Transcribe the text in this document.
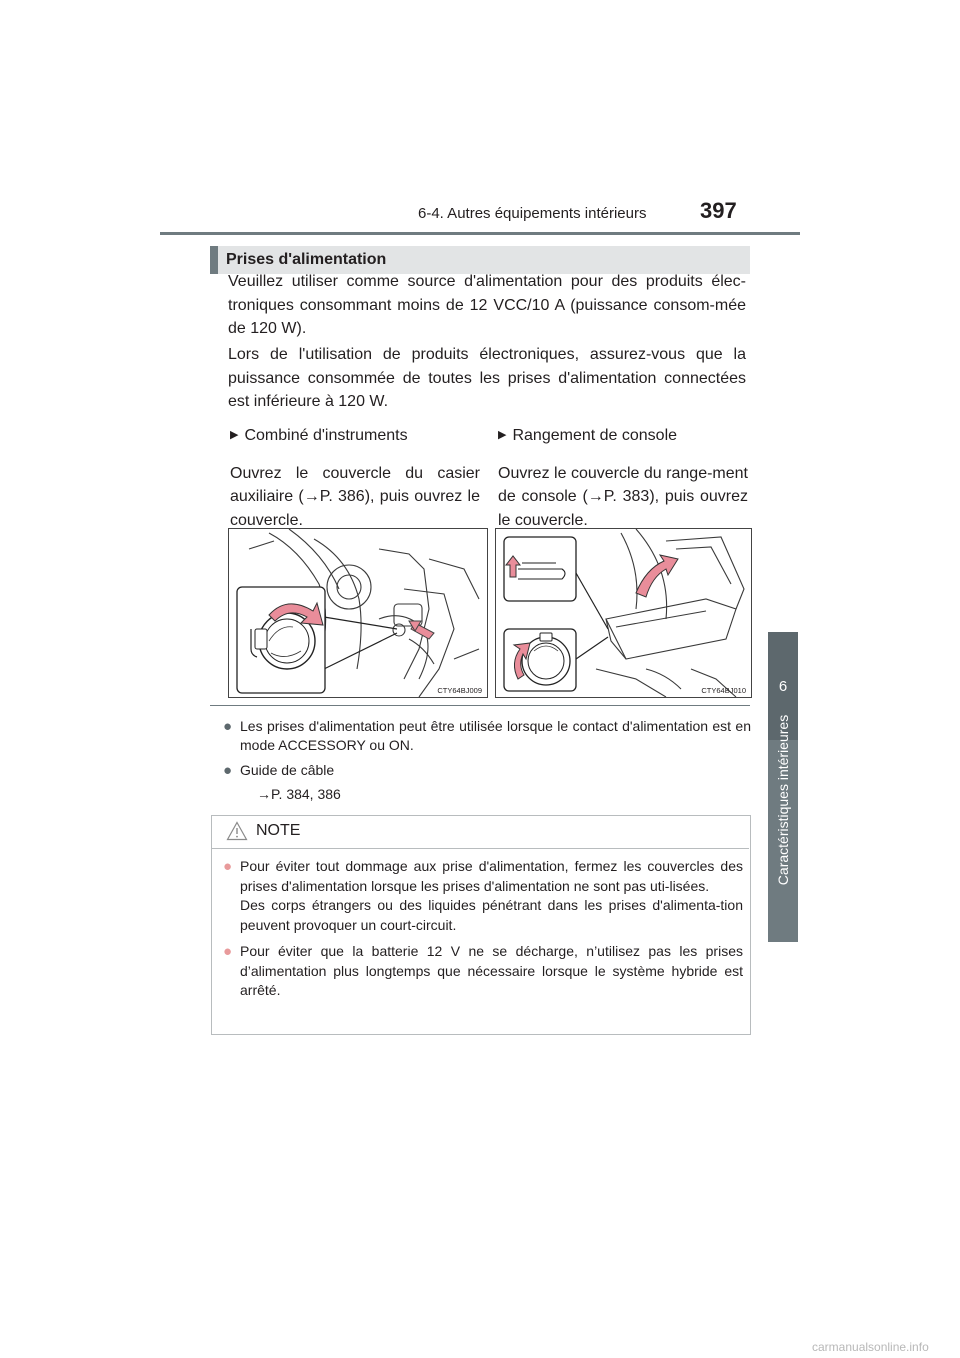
6-4. Autres équipements intérieurs	397
6
Caractéristiques intérieures
Prises d'alimentation
Veuillez utiliser comme source d'alimentation pour des produits élec-troniques consommant moins de 12 VCC/10 A (puissance consom-mée de 120 W).
Lors de l'utilisation de produits électroniques, assurez-vous que la puissance consommée de toutes les prises d'alimentation connectées est inférieure à 120 W.
▶ Combiné d'instruments
Ouvrez le couvercle du casier auxiliaire (→P. 386), puis ouvrez le couvercle.
▶ Rangement de console
Ouvrez le couvercle du range-ment de console (→P. 383), puis ouvrez le couvercle.
CTY64BJ009	CTY64BJ010
● Les prises d'alimentation peut être utilisée lorsque le contact d'alimentation est en mode ACCESSORY ou ON.
● Guide de câble
→P. 384, 386
NOTE
● Pour éviter tout dommage aux prise d'alimentation, fermez les couvercles des prises d'alimentation lorsque les prises d'alimentation ne sont pas uti-lisées.
Des corps étrangers ou des liquides pénétrant dans les prises d'alimenta-tion peuvent provoquer un court-circuit.
● Pour éviter que la batterie 12 V ne se décharge, n’utilisez pas les prises d’alimentation plus longtemps que nécessaire lorsque le système hybride est arrêté.
carmanualsonline.info
